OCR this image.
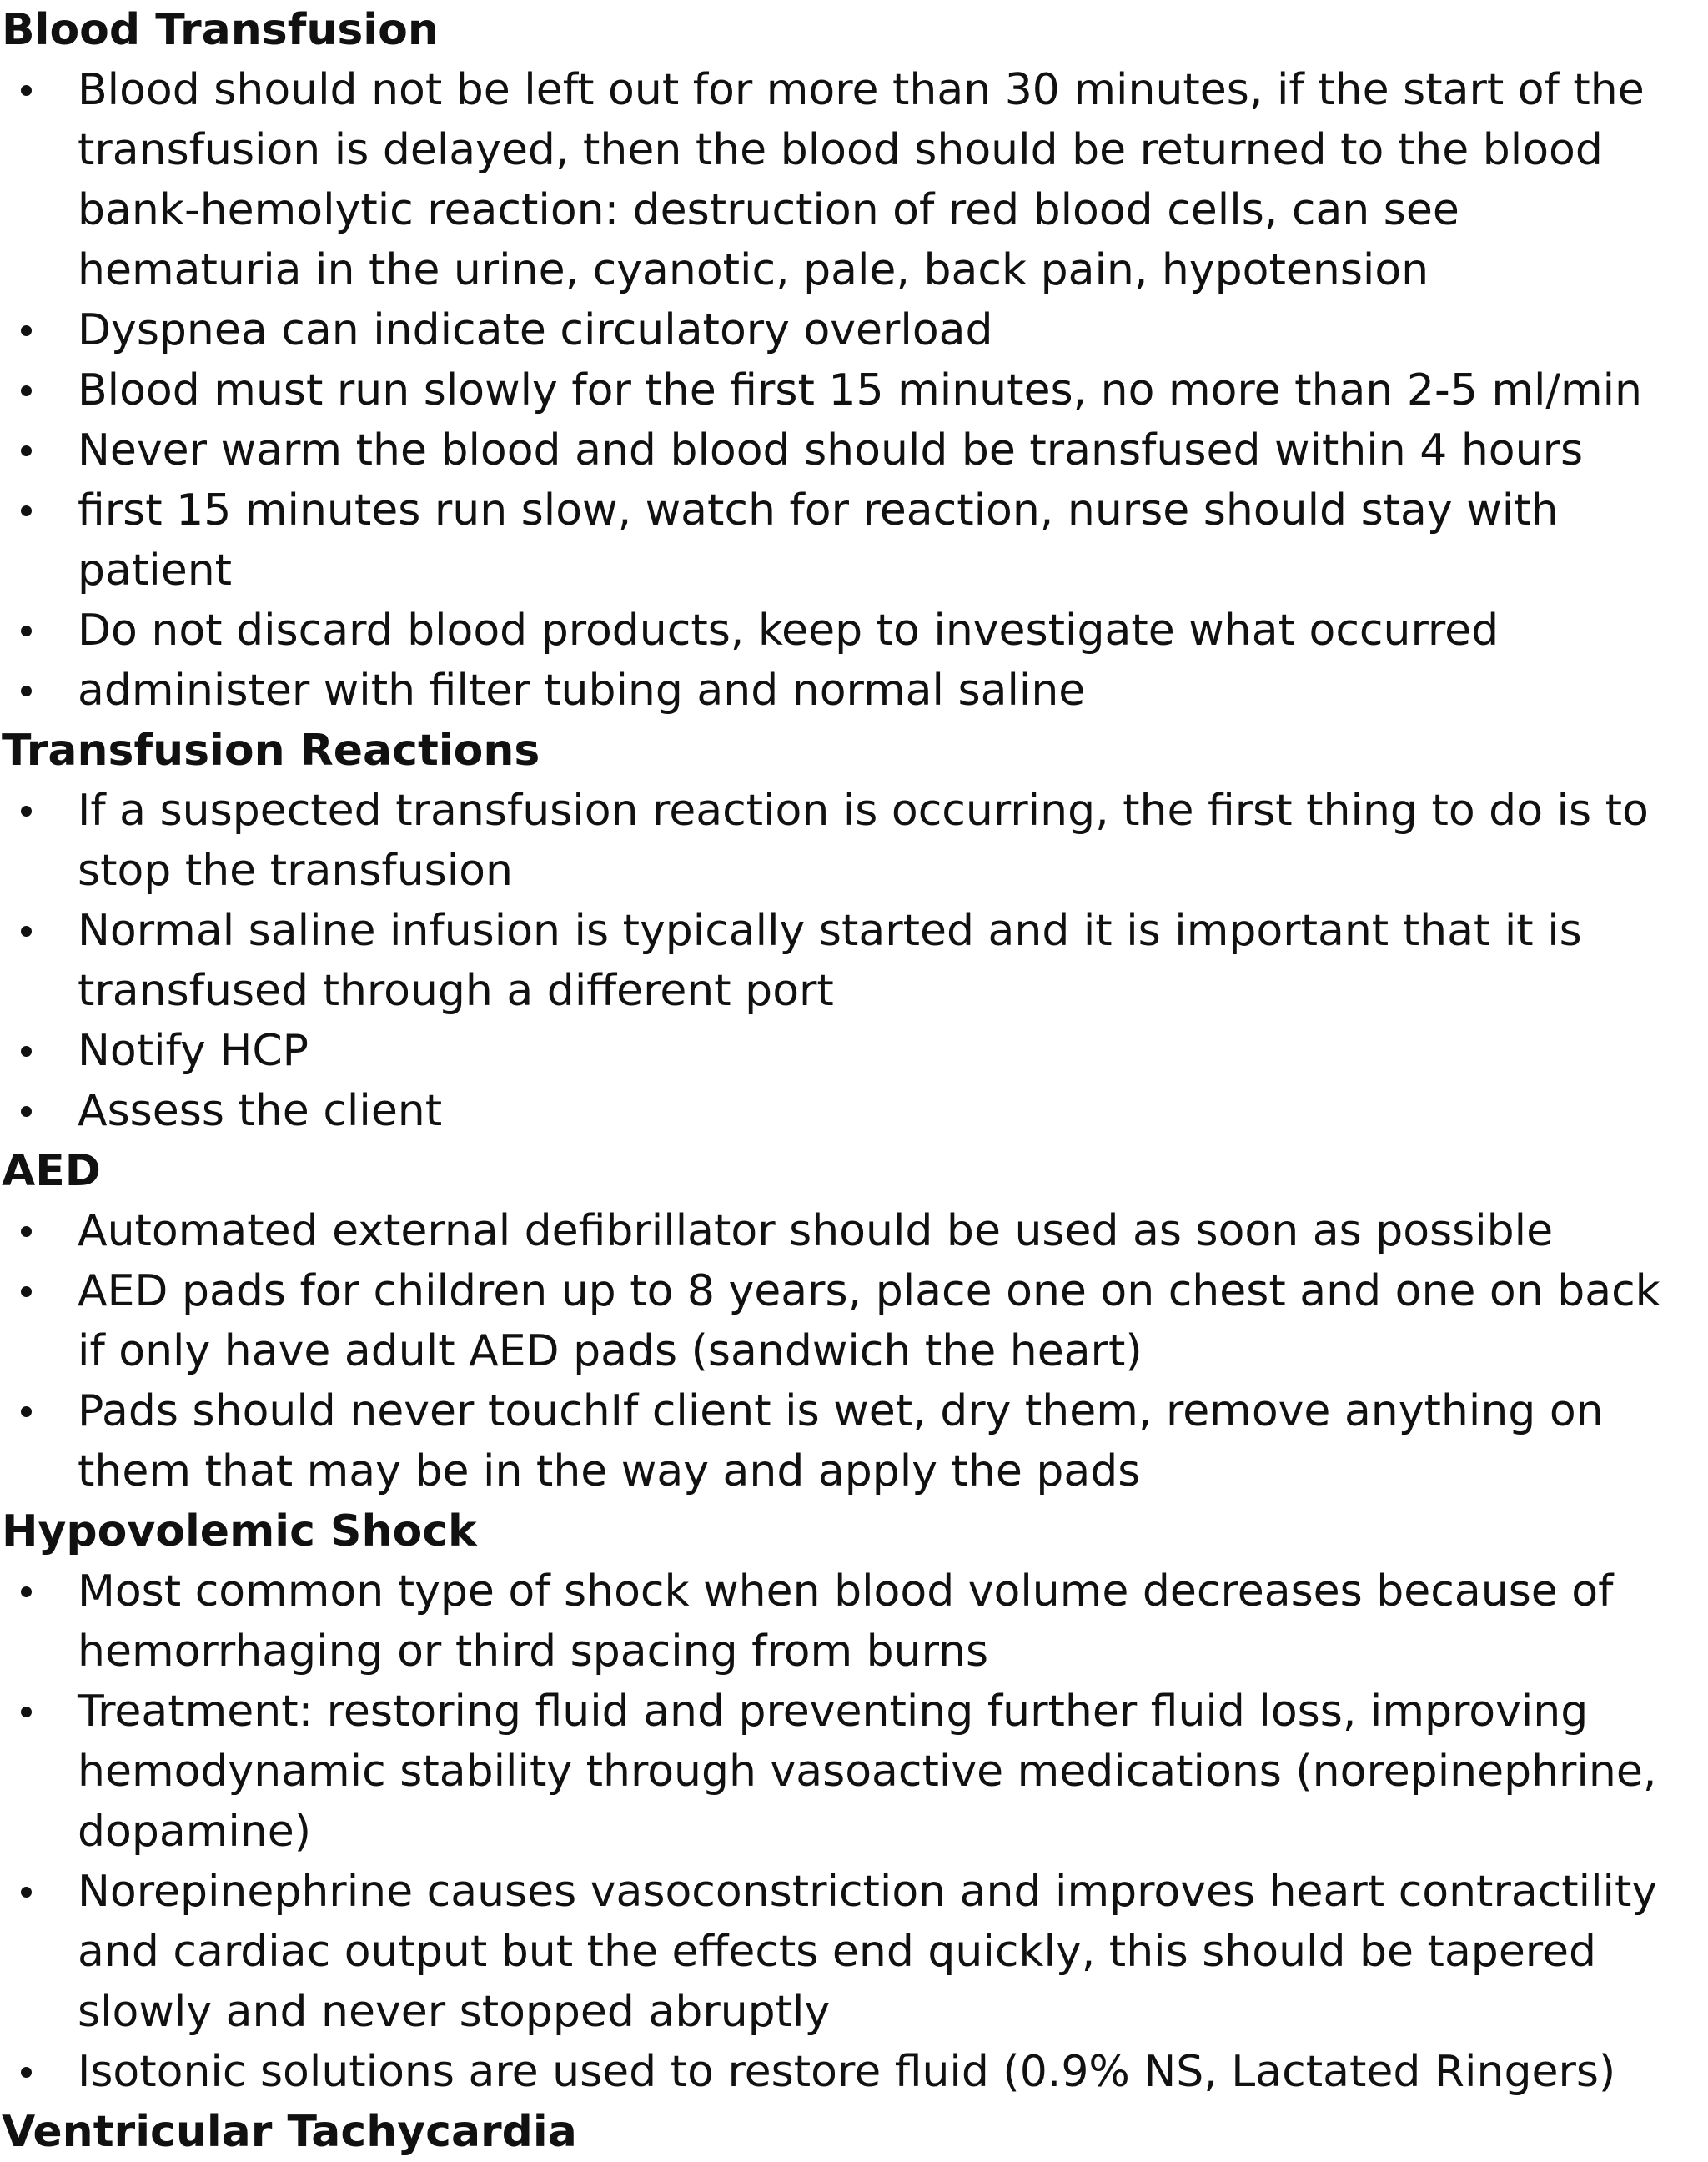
Blood Transfusion
Blood should not be left out for more than 30 minutes, if the start of the transfusion is delayed, then the blood should be returned to the blood bank-hemolytic reaction: destruction of red blood cells, can see hematuria in the urine, cyanotic, pale, back pain, hypotension
Dyspnea can indicate circulatory overload
Blood must run slowly for the first 15 minutes, no more than 2-5 ml/min
Never warm the blood and blood should be transfused within 4 hours
first 15 minutes run slow, watch for reaction, nurse should stay with patient
Do not discard blood products, keep to investigate what occurred
administer with filter tubing and normal saline
Transfusion Reactions
If a suspected transfusion reaction is occurring, the first thing to do is to stop the transfusion
Normal saline infusion is typically started and it is important that it is transfused through a different port
Notify HCP
Assess the client
AED
Automated external defibrillator should be used as soon as possible
AED pads for children up to 8 years, place one on chest and one on back if only have adult AED pads (sandwich the heart)
Pads should never touchIf client is wet, dry them, remove anything on them that may be in the way and apply the pads
Hypovolemic Shock
Most common type of shock when blood volume decreases because of hemorrhaging or third spacing from burns
Treatment: restoring fluid and preventing further fluid loss, improving hemodynamic stability through vasoactive medications (norepinephrine, dopamine)
Norepinephrine causes vasoconstriction and improves heart contractility and cardiac output but the effects end quickly, this should be tapered slowly and never stopped abruptly
Isotonic solutions are used to restore fluid (0.9% NS, Lactated Ringers)
Ventricular Tachycardia
